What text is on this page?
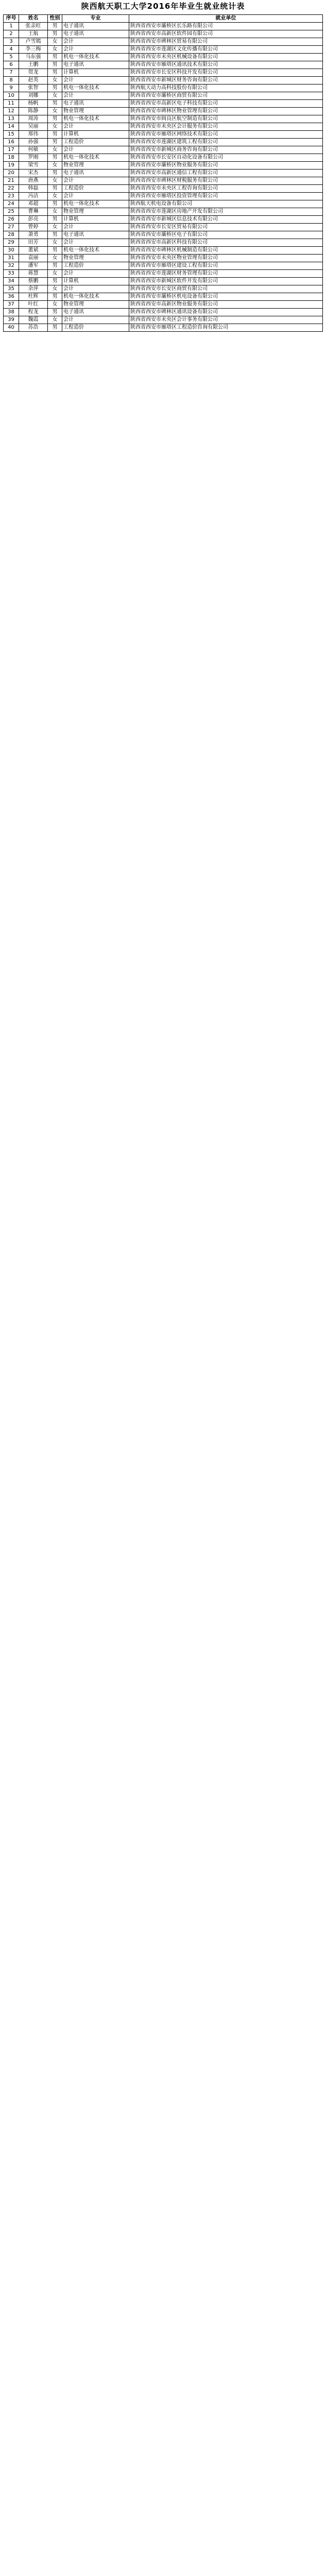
陕西航天职工大学2016年毕业生就业统计表
序号	姓名	性别	专业	就业单位
1	张亲旺	男	电子通讯	陕西省西安市灞桥区长乐路有限公司
2	王航	男	电子通讯	陕西省西安市高新区软件园有限公司
3	卢雪嫣	女	会计	陕西省西安市碑林区贸易有限公司
4	李三梅	女	会计	陕西省西安市莲湖区文化传播有限公司
5	马东强	男	机电一体化技术	陕西省西安市未央区机械设备有限公司
6	王鹏	男	电子通讯	陕西省西安市雁塔区通讯技术有限公司
7	贺龙	男	计算机	陕西省西安市长安区科技开发有限公司
8	赵英	女	会计	陕西省西安市新城区财务咨询有限公司
9	张智	男	机电一体化技术	陕西航天动力高科技股份有限公司
10	刘娜	女	会计	陕西省西安市灞桥区商贸有限公司
11	杨帆	男	电子通讯	陕西省西安市高新区电子科技有限公司
12	陈静	女	物业管理	陕西省西安市碑林区物业管理有限公司
13	周涛	男	机电一体化技术	陕西省西安市阎良区航空制造有限公司
14	吴丽	女	会计	陕西省西安市未央区会计服务有限公司
15	郑伟	男	计算机	陕西省西安市雁塔区网络技术有限公司
16	孙强	男	工程造价	陕西省西安市莲湖区建筑工程有限公司
17	何敏	女	会计	陕西省西安市新城区商务咨询有限公司
18	罗刚	男	机电一体化技术	陕西省西安市长安区自动化设备有限公司
19	梁雪	女	物业管理	陕西省西安市灞桥区物业服务有限公司
20	宋杰	男	电子通讯	陕西省西安市高新区通信工程有限公司
21	唐燕	女	会计	陕西省西安市碑林区财税服务有限公司
22	韩磊	男	工程造价	陕西省西安市未央区工程咨询有限公司
23	冯洁	女	会计	陕西省西安市雁塔区投资管理有限公司
24	邓超	男	机电一体化技术	陕西航天机电设备有限公司
25	曹琳	女	物业管理	陕西省西安市莲湖区房地产开发有限公司
26	彭亮	男	计算机	陕西省西安市新城区信息技术有限公司
27	曾婷	女	会计	陕西省西安市长安区贸易有限公司
28	萧勇	男	电子通讯	陕西省西安市灞桥区电子有限公司
29	田芳	女	会计	陕西省西安市高新区科技有限公司
30	董斌	男	机电一体化技术	陕西省西安市碑林区机械制造有限公司
31	袁丽	女	物业管理	陕西省西安市未央区物业管理有限公司
32	潘军	男	工程造价	陕西省西安市雁塔区建设工程有限公司
33	蒋慧	女	会计	陕西省西安市莲湖区财务管理有限公司
34	蔡鹏	男	计算机	陕西省西安市新城区软件开发有限公司
35	余萍	女	会计	陕西省西安市长安区商贸有限公司
36	杜辉	男	机电一体化技术	陕西省西安市灞桥区机电设备有限公司
37	叶红	女	物业管理	陕西省西安市高新区物业服务有限公司
38	程龙	男	电子通讯	陕西省西安市碑林区通讯设备有限公司
39	魏霞	女	会计	陕西省西安市未央区会计事务有限公司
40	苏浩	男	工程造价	陕西省西安市雁塔区工程造价咨询有限公司
